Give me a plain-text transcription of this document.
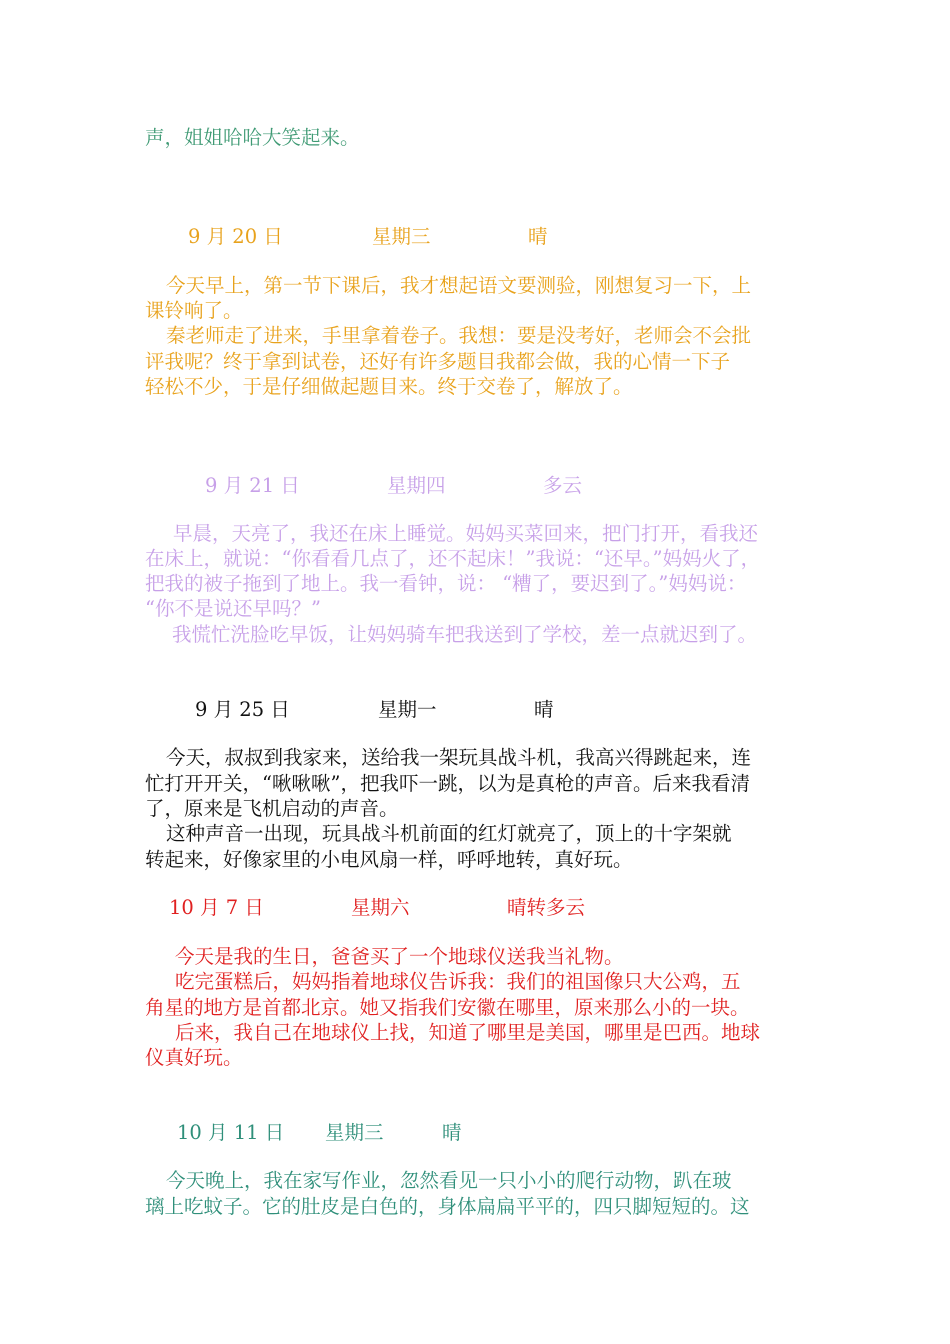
声，姐姐哈哈大笑起来。
9 月 20 日	星期三	晴
今天早上，第一节下课后，我才想起语文要测验，刚想复习一下，上
课铃响了。
秦老师走了进来，手里拿着卷子。我想：要是没考好，老师会不会批
评我呢？终于拿到试卷，还好有许多题目我都会做，我的心情一下子
轻松不少，于是仔细做起题目来。终于交卷了，解放了。
9 月 21 日	星期四	多云
早晨，天亮了，我还在床上睡觉。妈妈买菜回来，把门打开，看我还
在床上，就说：“你看看几点了，还不起床！”我说：“还早。”妈妈火了，
把我的被子拖到了地上。我一看钟，说： “糟了，要迟到了。”妈妈说：
“你不是说还早吗？”
我慌忙洗脸吃早饭，让妈妈骑车把我送到了学校，差一点就迟到了。
9 月 25 日	星期一	晴
今天，叔叔到我家来，送给我一架玩具战斗机，我高兴得跳起来，连
忙打开开关，“啾啾啾”，把我吓一跳，以为是真枪的声音。后来我看清
了，原来是飞机启动的声音。
这种声音一出现，玩具战斗机前面的红灯就亮了，顶上的十字架就
转起来，好像家里的小电风扇一样，呼呼地转，真好玩。
10 月 7 日	星期六	晴转多云
今天是我的生日，爸爸买了一个地球仪送我当礼物。
吃完蛋糕后，妈妈指着地球仪告诉我：我们的祖国像只大公鸡，五
角星的地方是首都北京。她又指我们安徽在哪里，原来那么小的一块。
后来，我自己在地球仪上找，知道了哪里是美国，哪里是巴西。地球
仪真好玩。
10 月 11 日 星期三	晴
今天晚上，我在家写作业，忽然看见一只小小的爬行动物，趴在玻
璃上吃蚊子。它的肚皮是白色的，身体扁扁平平的，四只脚短短的。这
